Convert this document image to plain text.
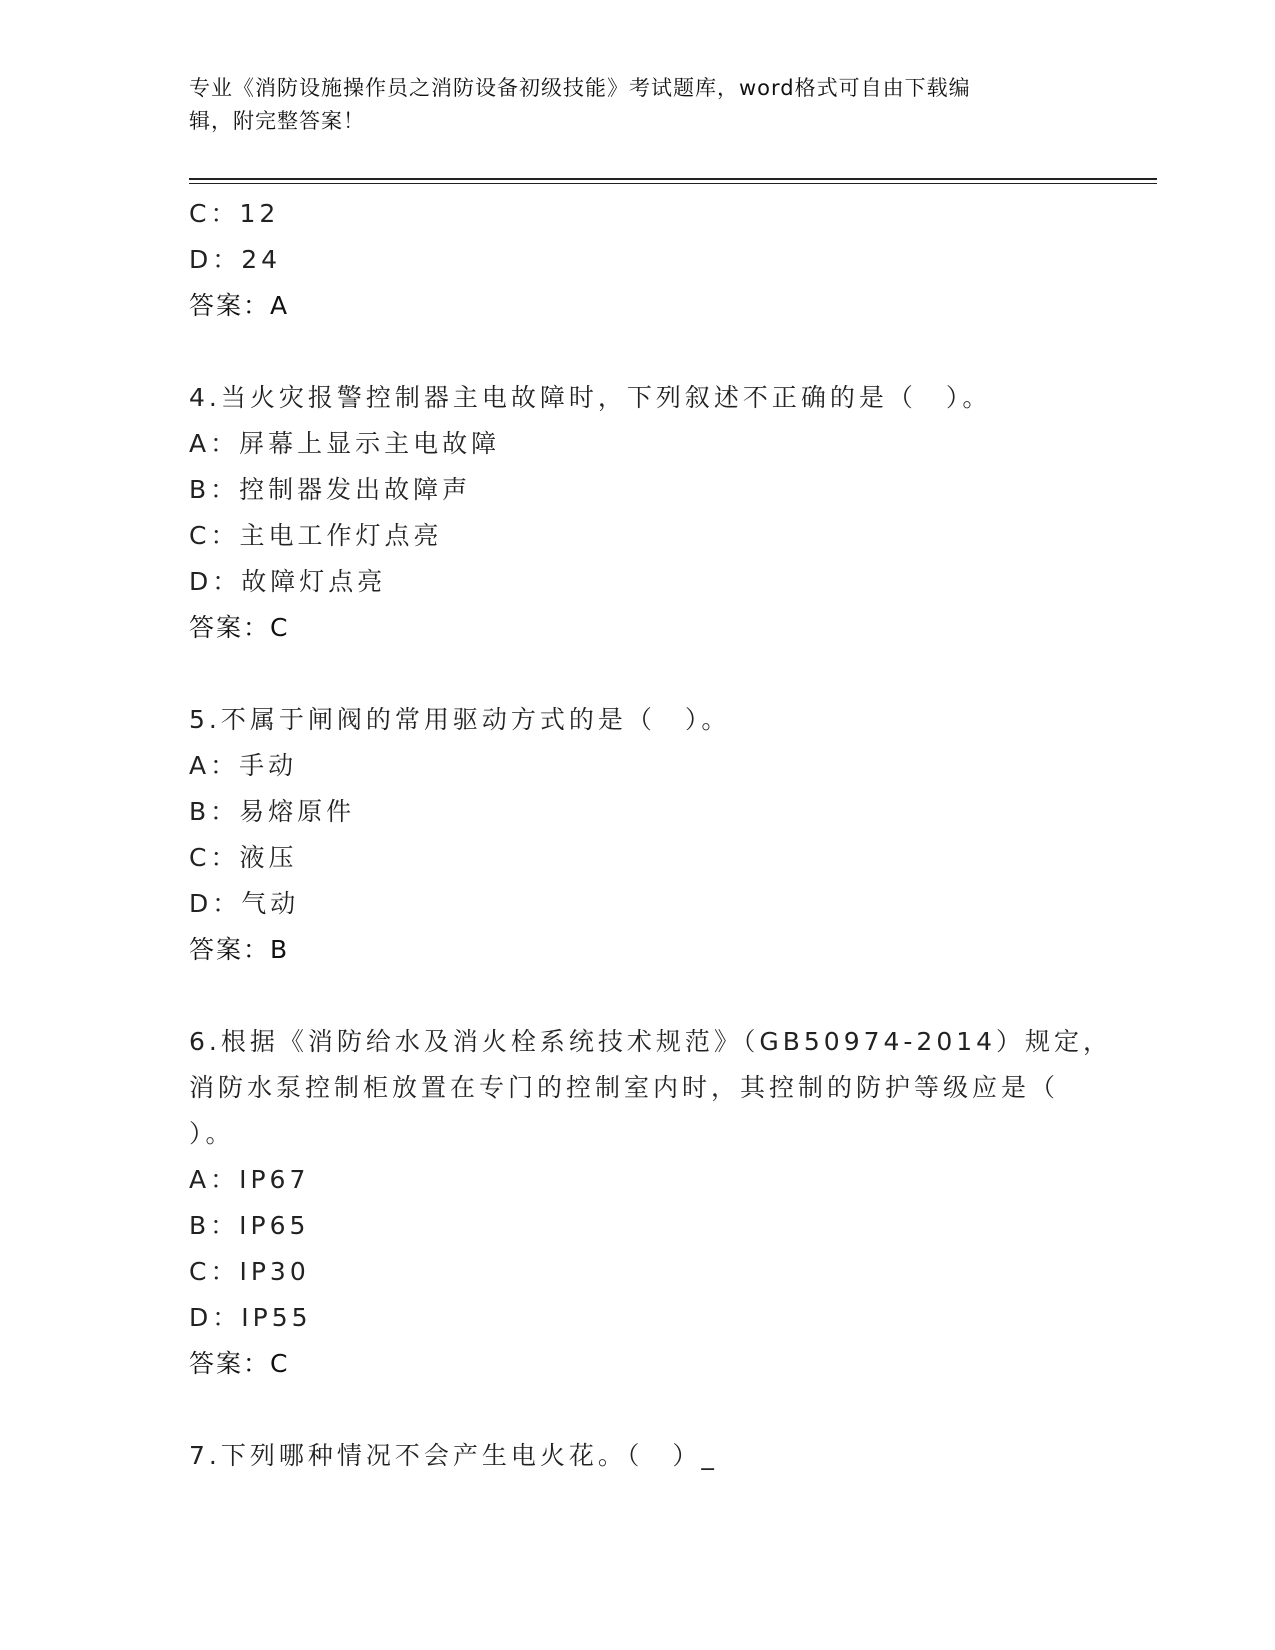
专业《消防设施操作员之消防设备初级技能》考试题库，word格式可自由下载编
辑，附完整答案！
C：12
D：24
答案：A
4.当火灾报警控制器主电故障时，下列叙述不正确的是（　）。
A：屏幕上显示主电故障
B：控制器发出故障声
C：主电工作灯点亮
D：故障灯点亮
答案：C
5.不属于闸阀的常用驱动方式的是（　）。
A：手动
B：易熔原件
C：液压
D：气动
答案：B
6.根据《消防给水及消火栓系统技术规范》（GB50974-2014）规定，
消防水泵控制柜放置在专门的控制室内时，其控制的防护等级应是（
）。
A：IP67
B：IP65
C：IP30
D：IP55
答案：C
7.下列哪种情况不会产生电火花。（　）_
